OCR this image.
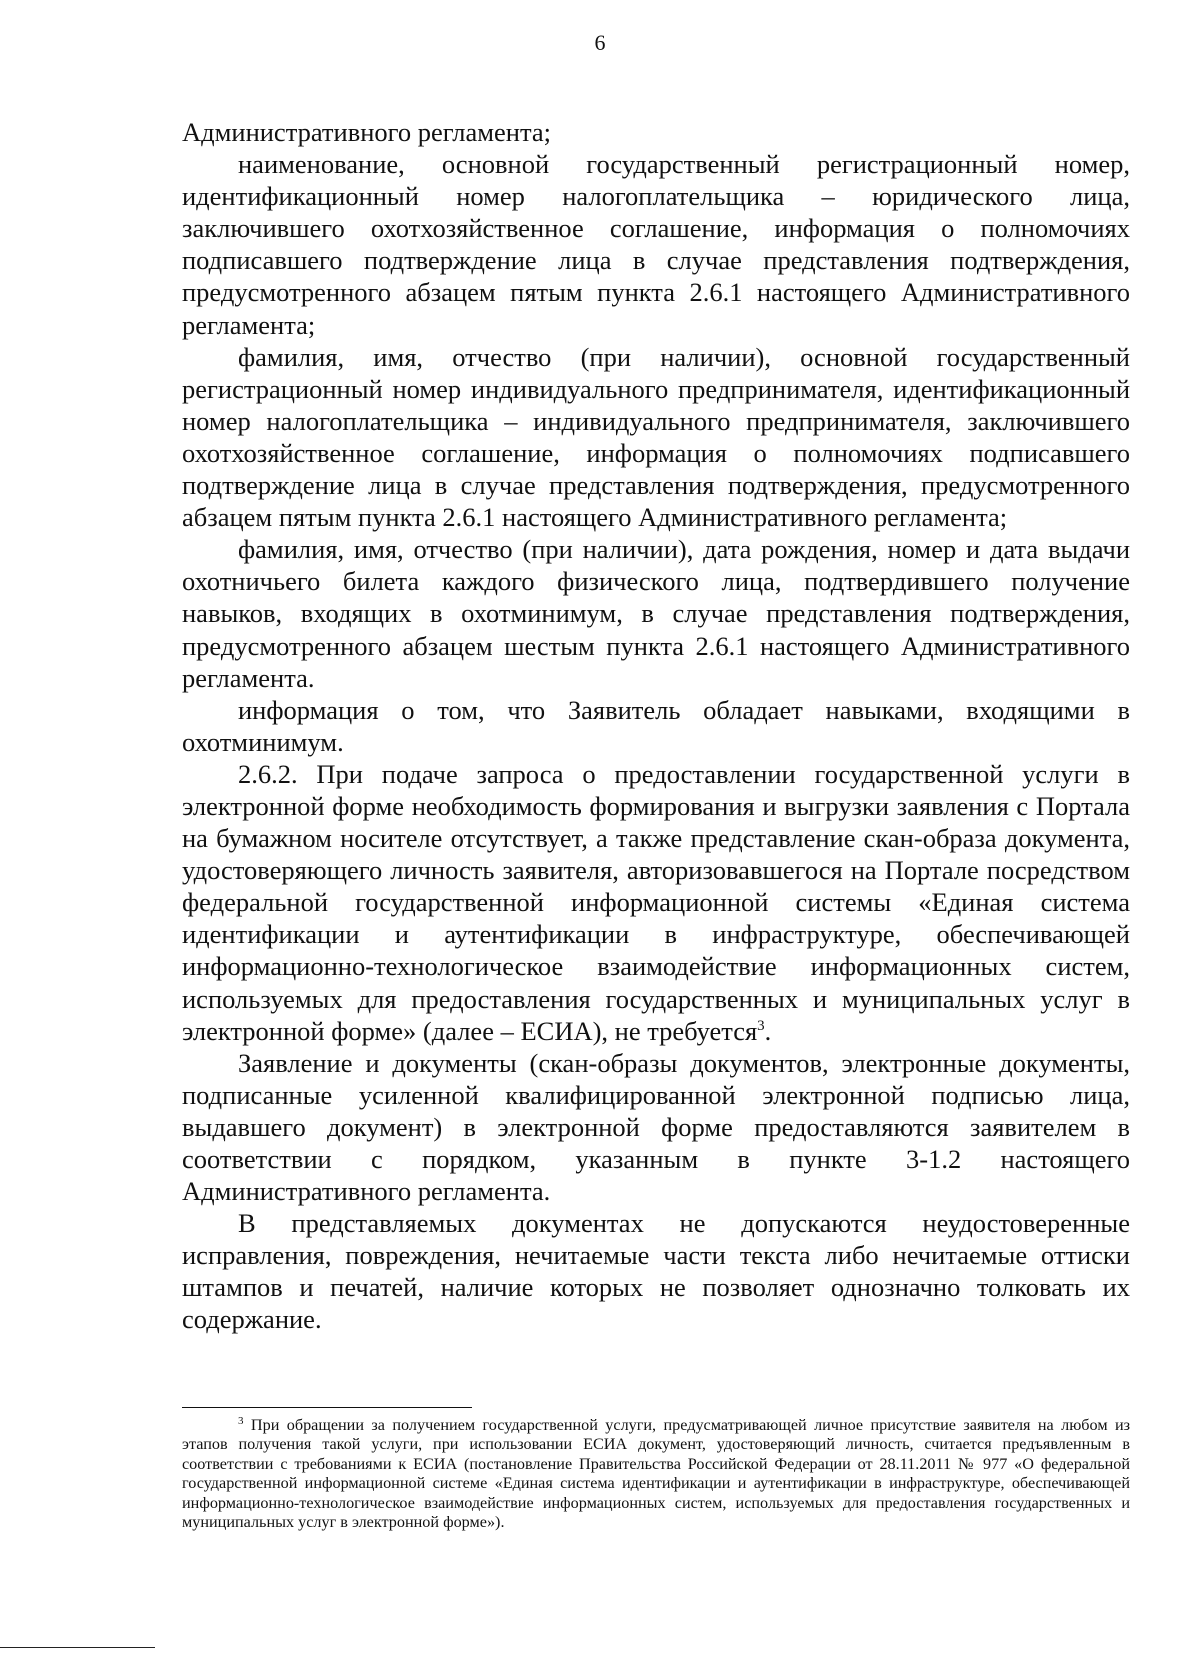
6

Административного регламента;

наименование, основной государственный регистрационный номер, идентификационный номер налогоплательщика – юридического лица, заключившего охотхозяйственное соглашение, информация о полномочиях подписавшего подтверждение лица в случае представления подтверждения, предусмотренного абзацем пятым пункта 2.6.1 настоящего Административного регламента;

фамилия, имя, отчество (при наличии), основной государственный регистрационный номер индивидуального предпринимателя, идентификационный номер налогоплательщика – индивидуального предпринимателя, заключившего охотхозяйственное соглашение, информация о полномочиях подписавшего подтверждение лица в случае представления подтверждения, предусмотренного абзацем пятым пункта 2.6.1 настоящего Административного регламента;

фамилия, имя, отчество (при наличии), дата рождения, номер и дата выдачи охотничьего билета каждого физического лица, подтвердившего получение навыков, входящих в охотминимум, в случае представления подтверждения, предусмотренного абзацем шестым пункта 2.6.1 настоящего Административного регламента.

информация о том, что Заявитель обладает навыками, входящими в охотминимум.

2.6.2. При подаче запроса о предоставлении государственной услуги в электронной форме необходимость формирования и выгрузки заявления с Портала на бумажном носителе отсутствует, а также представление скан-образа документа, удостоверяющего личность заявителя, авторизовавшегося на Портале посредством федеральной государственной информационной системы «Единая система идентификации и аутентификации в инфраструктуре, обеспечивающей информационно-технологическое взаимодействие информационных систем, используемых для предоставления государственных и муниципальных услуг в электронной форме» (далее – ЕСИА), не требуется$^3$.

Заявление и документы (скан-образы документов, электронные документы, подписанные усиленной квалифицированной электронной подписью лица, выдавшего документ) в электронной форме предоставляются заявителем в соответствии с порядком, указанным в пункте 3-1.2 настоящего Административного регламента.

В представляемых документах не допускаются неудостоверенные исправления, повреждения, нечитаемые части текста либо нечитаемые оттиски штампов и печатей, наличие которых не позволяет однозначно толковать их содержание.

3 При обращении за получением государственной услуги, предусматривающей личное присутствие заявителя на любом из этапов получения такой услуги, при использовании ЕСИА документ, удостоверяющий личность, считается предъявленным в соответствии с требованиями к ЕСИА (постановление Правительства Российской Федерации от 28.11.2011 № 977 «О федеральной государственной информационной системе «Единая система идентификации и аутентификации в инфраструктуре, обеспечивающей информационно-технологическое взаимодействие информационных систем, используемых для предоставления государственных и муниципальных услуг в электронной форме»).
